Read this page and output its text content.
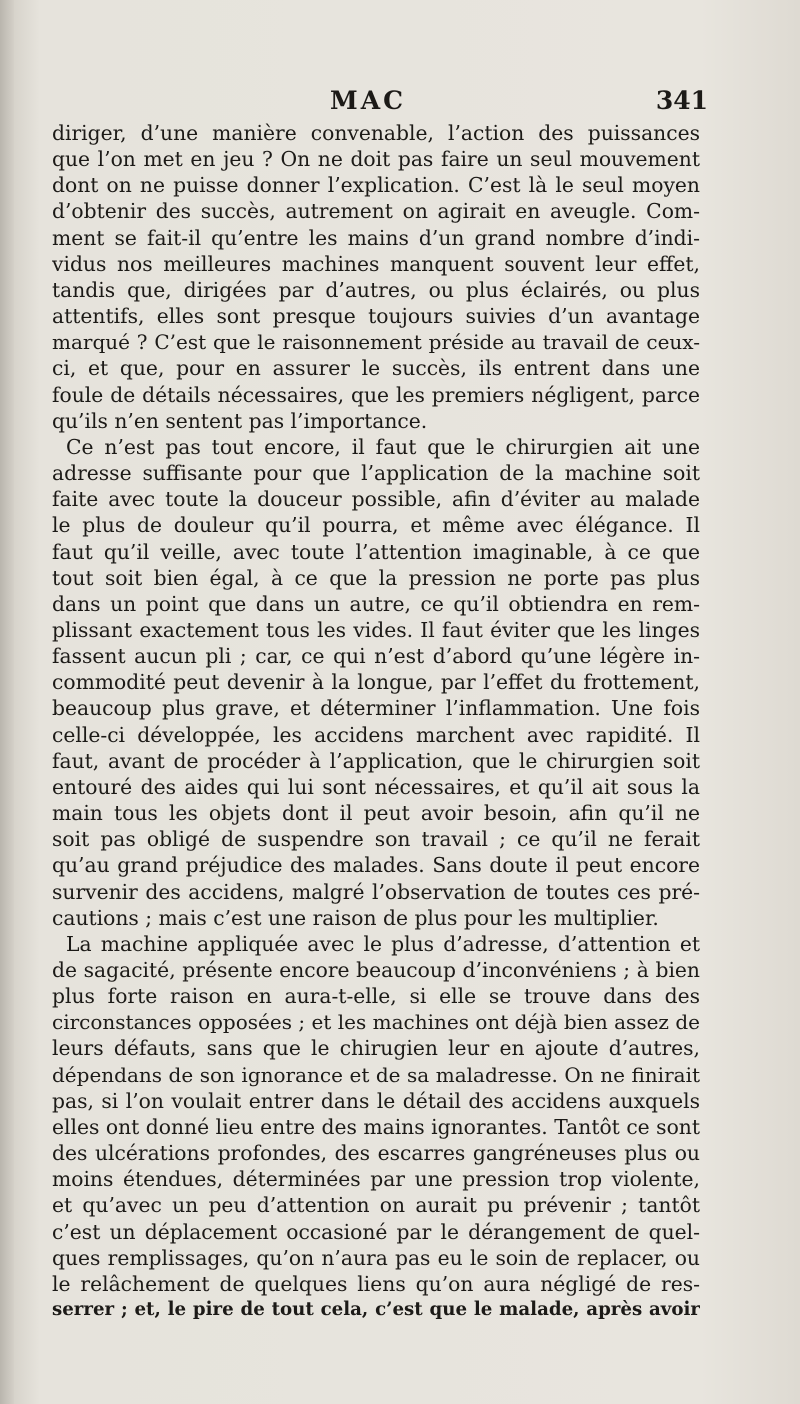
MAC	341
diriger, d’une manière convenable, l’action des puissances
que l’on met en jeu ? On ne doit pas faire un seul mouvement
dont on ne puisse donner l’explication. C’est là le seul moyen
d’obtenir des succès, autrement on agirait en aveugle. Com-
ment se fait-il qu’entre les mains d’un grand nombre d’indi-
vidus nos meilleures machines manquent souvent leur effet,
tandis que, dirigées par d’autres, ou plus éclairés, ou plus
attentifs, elles sont presque toujours suivies d’un avantage
marqué ? C’est que le raisonnement préside au travail de ceux-
ci, et que, pour en assurer le succès, ils entrent dans une
foule de détails nécessaires, que les premiers négligent, parce
qu’ils n’en sentent pas l’importance.
Ce n’est pas tout encore, il faut que le chirurgien ait une
adresse suffisante pour que l’application de la machine soit
faite avec toute la douceur possible, afin d’éviter au malade
le plus de douleur qu’il pourra, et même avec élégance. Il
faut qu’il veille, avec toute l’attention imaginable, à ce que
tout soit bien égal, à ce que la pression ne porte pas plus
dans un point que dans un autre, ce qu’il obtiendra en rem-
plissant exactement tous les vides. Il faut éviter que les linges
fassent aucun pli ; car, ce qui n’est d’abord qu’une légère in-
commodité peut devenir à la longue, par l’effet du frottement,
beaucoup plus grave, et déterminer l’inflammation. Une fois
celle-ci développée, les accidens marchent avec rapidité. Il
faut, avant de procéder à l’application, que le chirurgien soit
entouré des aides qui lui sont nécessaires, et qu’il ait sous la
main tous les objets dont il peut avoir besoin, afin qu’il ne
soit pas obligé de suspendre son travail ; ce qu’il ne ferait
qu’au grand préjudice des malades. Sans doute il peut encore
survenir des accidens, malgré l’observation de toutes ces pré-
cautions ; mais c’est une raison de plus pour les multiplier.
La machine appliquée avec le plus d’adresse, d’attention et
de sagacité, présente encore beaucoup d’inconvéniens ; à bien
plus forte raison en aura-t-elle, si elle se trouve dans des
circonstances opposées ; et les machines ont déjà bien assez de
leurs défauts, sans que le chirugien leur en ajoute d’autres,
dépendans de son ignorance et de sa maladresse. On ne finirait
pas, si l’on voulait entrer dans le détail des accidens auxquels
elles ont donné lieu entre des mains ignorantes. Tantôt ce sont
des ulcérations profondes, des escarres gangréneuses plus ou
moins étendues, déterminées par une pression trop violente,
et qu’avec un peu d’attention on aurait pu prévenir ; tantôt
c’est un déplacement occasioné par le dérangement de quel-
ques remplissages, qu’on n’aura pas eu le soin de replacer, ou
le relâchement de quelques liens qu’on aura négligé de res-
serrer ; et, le pire de tout cela, c’est que le malade, après avoir
